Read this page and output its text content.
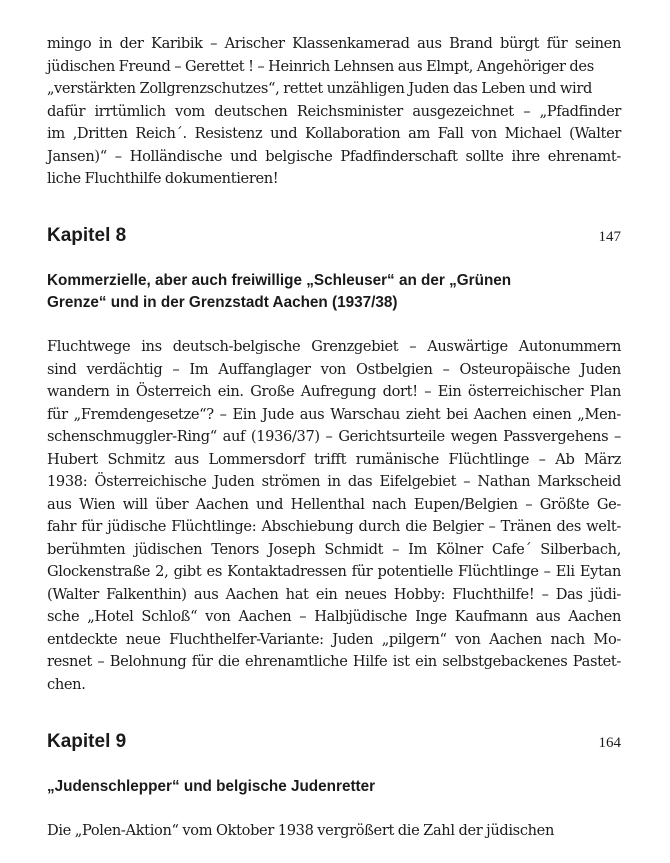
mingo in der Karibik – Arischer Klassenkamerad aus Brand bürgt für seinen
jüdischen Freund – Gerettet ! – Heinrich Lehnsen aus Elmpt, Angehöriger des
„verstärkten Zollgrenzschutzes“, rettet unzähligen Juden das Leben und wird
dafür irrtümlich vom deutschen Reichsminister ausgezeichnet – „Pfadfinder
im ‚Dritten Reich´. Resistenz und Kollaboration am Fall von Michael (Walter
Jansen)“ – Holländische und belgische Pfadfinderschaft sollte ihre ehrenamt-
liche Fluchthilfe dokumentieren!
Kapitel 8	147
Kommerzielle, aber auch freiwillige „Schleuser“ an der „Grünen
Grenze“ und in der Grenzstadt Aachen (1937/38)
Fluchtwege ins deutsch-belgische Grenzgebiet – Auswärtige Autonummern
sind verdächtig – Im Auffanglager von Ostbelgien – Osteuropäische Juden
wandern in Österreich ein. Große Aufregung dort! – Ein österreichischer Plan
für „Fremdengesetze“? – Ein Jude aus Warschau zieht bei Aachen einen „Men-
schenschmuggler-Ring“ auf (1936/37) – Gerichtsurteile wegen Passvergehens –
Hubert Schmitz aus Lommersdorf trifft rumänische Flüchtlinge – Ab März
1938: Österreichische Juden strömen in das Eifelgebiet – Nathan Markscheid
aus Wien will über Aachen und Hellenthal nach Eupen/Belgien – Größte Ge-
fahr für jüdische Flüchtlinge: Abschiebung durch die Belgier – Tränen des welt-
berühmten jüdischen Tenors Joseph Schmidt – Im Kölner Cafe´ Silberbach,
Glockenstraße 2, gibt es Kontaktadressen für potentielle Flüchtlinge – Eli Eytan
(Walter Falkenthin) aus Aachen hat ein neues Hobby: Fluchthilfe! – Das jüdi-
sche „Hotel Schloß“ von Aachen – Halbjüdische Inge Kaufmann aus Aachen
entdeckte neue Fluchthelfer-Variante: Juden „pilgern“ von Aachen nach Mo-
resnet – Belohnung für die ehrenamtliche Hilfe ist ein selbstgebackenes Pastet-
chen.
Kapitel 9	164
„Judenschlepper“ und belgische Judenretter
Die „Polen-Aktion“ vom Oktober 1938 vergrößert die Zahl der jüdischen
